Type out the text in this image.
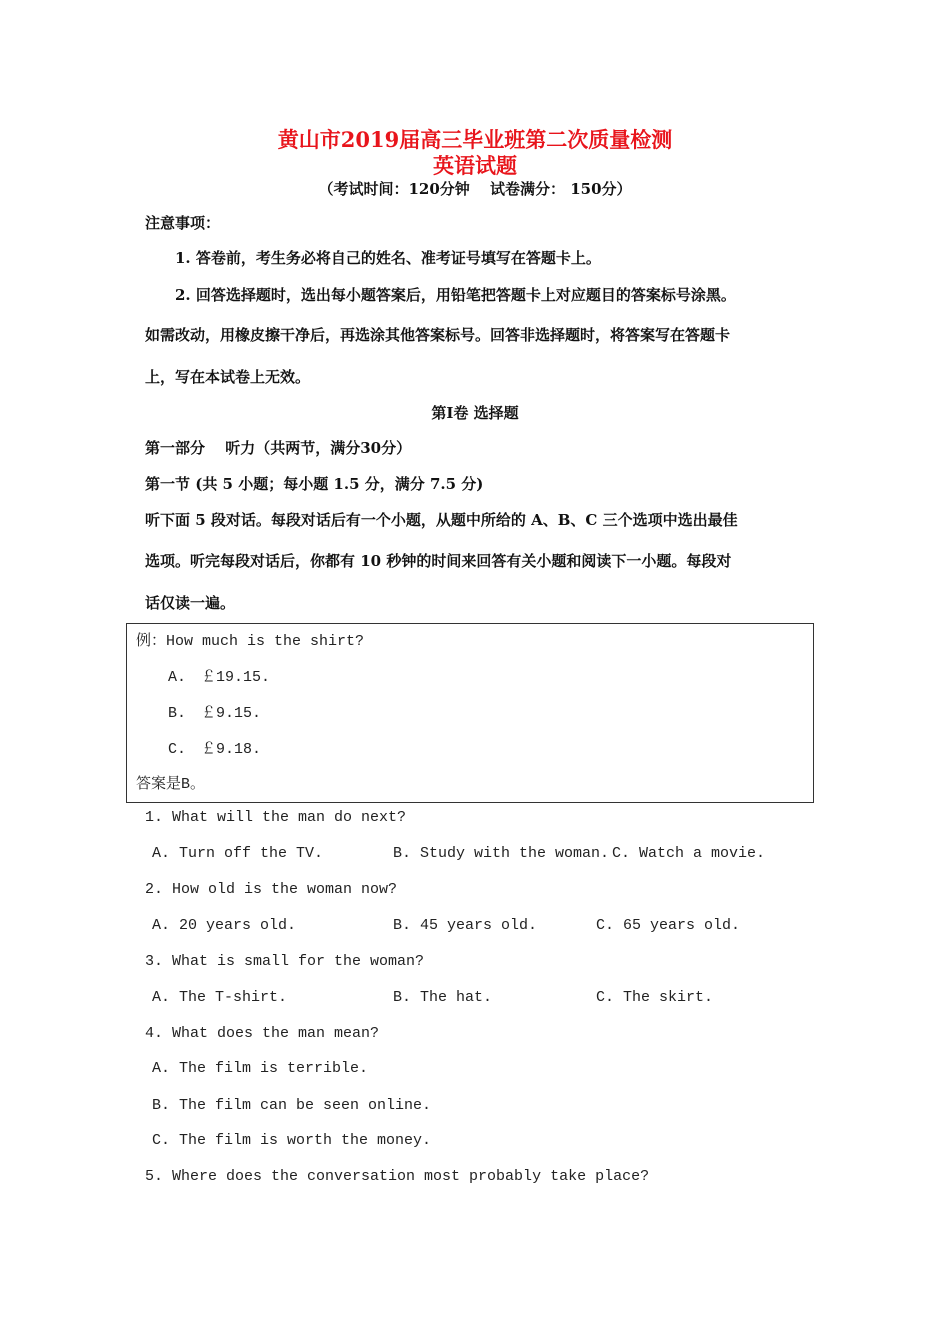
黄山市2019届高三毕业班第二次质量检测
英语试题
（考试时间：120分钟　 试卷满分： 150分）
注意事项：
1. 答卷前，考生务必将自己的姓名、准考证号填写在答题卡上。
2. 回答选择题时，选出每小题答案后，用铅笔把答题卡上对应题目的答案标号涂黑。
如需改动，用橡皮擦干净后，再选涂其他答案标号。回答非选择题时，将答案写在答题卡
上，写在本试卷上无效。
第Ⅰ卷 选择题
第一部分　 听力（共两节，满分30分）
第一节 (共 5 小题；每小题 1.5 分，满分 7.5 分)
听下面 5 段对话。每段对话后有一个小题，从题中所给的 A、B、C 三个选项中选出最佳
选项。听完每段对话后，你都有 10 秒钟的时间来回答有关小题和阅读下一小题。每段对
话仅读一遍。
例：How much is the shirt?
A.　￡19.15.
B.　￡9.15.
C.　￡9.18.
答案是B。
1. What will the man do next?
A. Turn off the TV.	B. Study with the woman. C. Watch a movie.
2. How old is the woman now?
A. 20 years old.	B. 45 years old.	C. 65 years old.
3. What is small for the woman?
A. The T-shirt.	B. The hat.	C. The skirt.
4. What does the man mean?
A. The film is terrible.
B. The film can be seen online.
C. The film is worth the money.
5. Where does the conversation most probably take place?
